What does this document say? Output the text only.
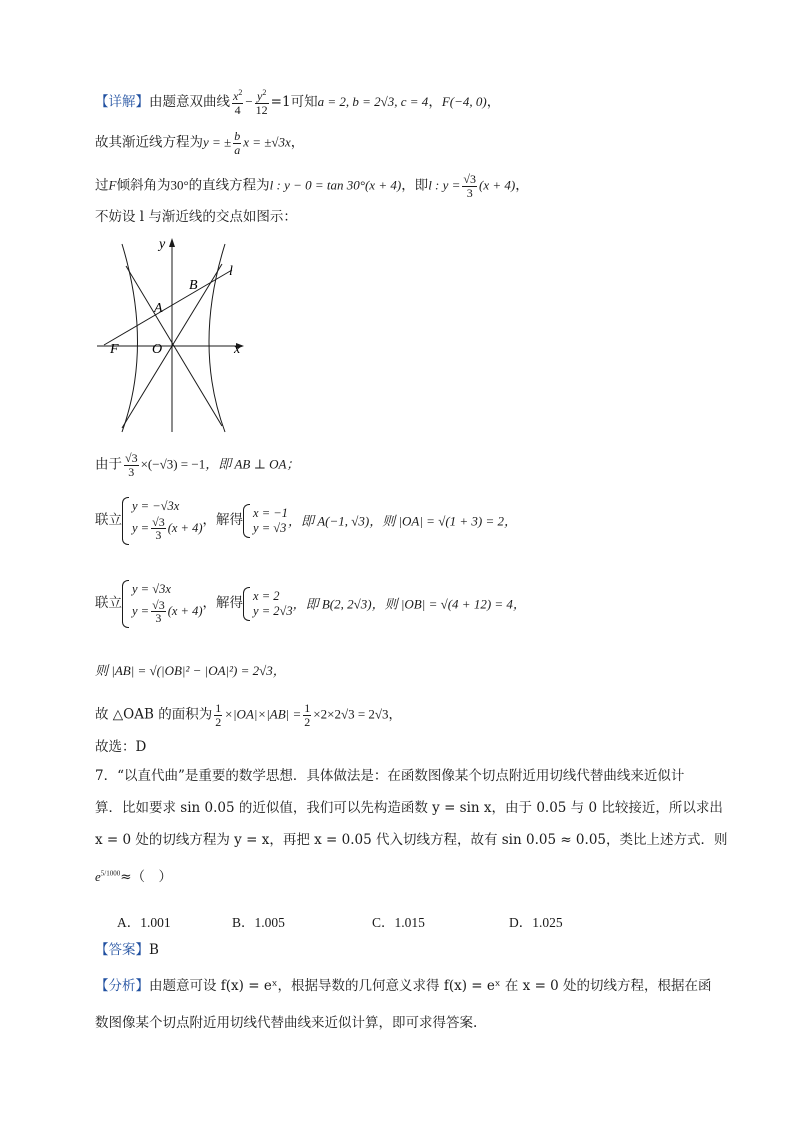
【详解】由题意双曲线 $\frac{x^2}{4} - \frac{y^2}{12} =1$可知a = 2, b = 2√3, c = 4，F(−4, 0)，
故其渐近线方程为y = ± $\frac{b}{a}$ x = ±√3x，
过F倾斜角为30°的直线方程为l : y − 0 = tan 30°(x + 4)，即l : $y = \frac{√3}{3} (x + 4)$，
不妨设 l 与渐近线的交点如图示：
y
x
O
F
A
B
l
由于 $\frac{√3}{3} \times(-√3) = -1$，即 AB ⊥ OA；
联立
y = −√3x
$y = \frac{√3}{3} (x + 4)$ ，解得 x = −1
y = √3 ，即 A(−1, √3)，则 |OA| = √(1 + 3) = 2，
联立
y = √3x
$y = \frac{√3}{3} (x + 4)$ ，解得 x = 2
y = 2√3 ，即 B(2, 2√3)，则 |OB| = √(4 + 12) = 4，
则 |AB| = √(|OB|² − |OA|²) = 2√3，
故 △OAB 的面积为 $\frac{1}{2} \times|OA|\times|AB| = \frac{1}{2} \times 2\times 2√3 = 2√3$，
故选：D
7．“以直代曲”是重要的数学思想．具体做法是：在函数图像某个切点附近用切线代替曲线来近似计
算．比如要求 sin 0.05 的近似值，我们可以先构造函数 y = sin x，由于 0.05 与 0 比较接近，所以求出
x = 0 处的切线方程为 y = x，再把 x = 0.05 代入切线方程，故有 sin 0.05 ≈ 0.05，类比上述方式．则
$e^{5/1000}\approx$（　）
A．1.001	B．1.005	C．1.015	D．1.025
【答案】B
【分析】由题意可设 f(x) = eˣ，根据导数的几何意义求得 f(x) = eˣ 在 x = 0 处的切线方程，根据在函
数图像某个切点附近用切线代替曲线来近似计算，即可求得答案.
